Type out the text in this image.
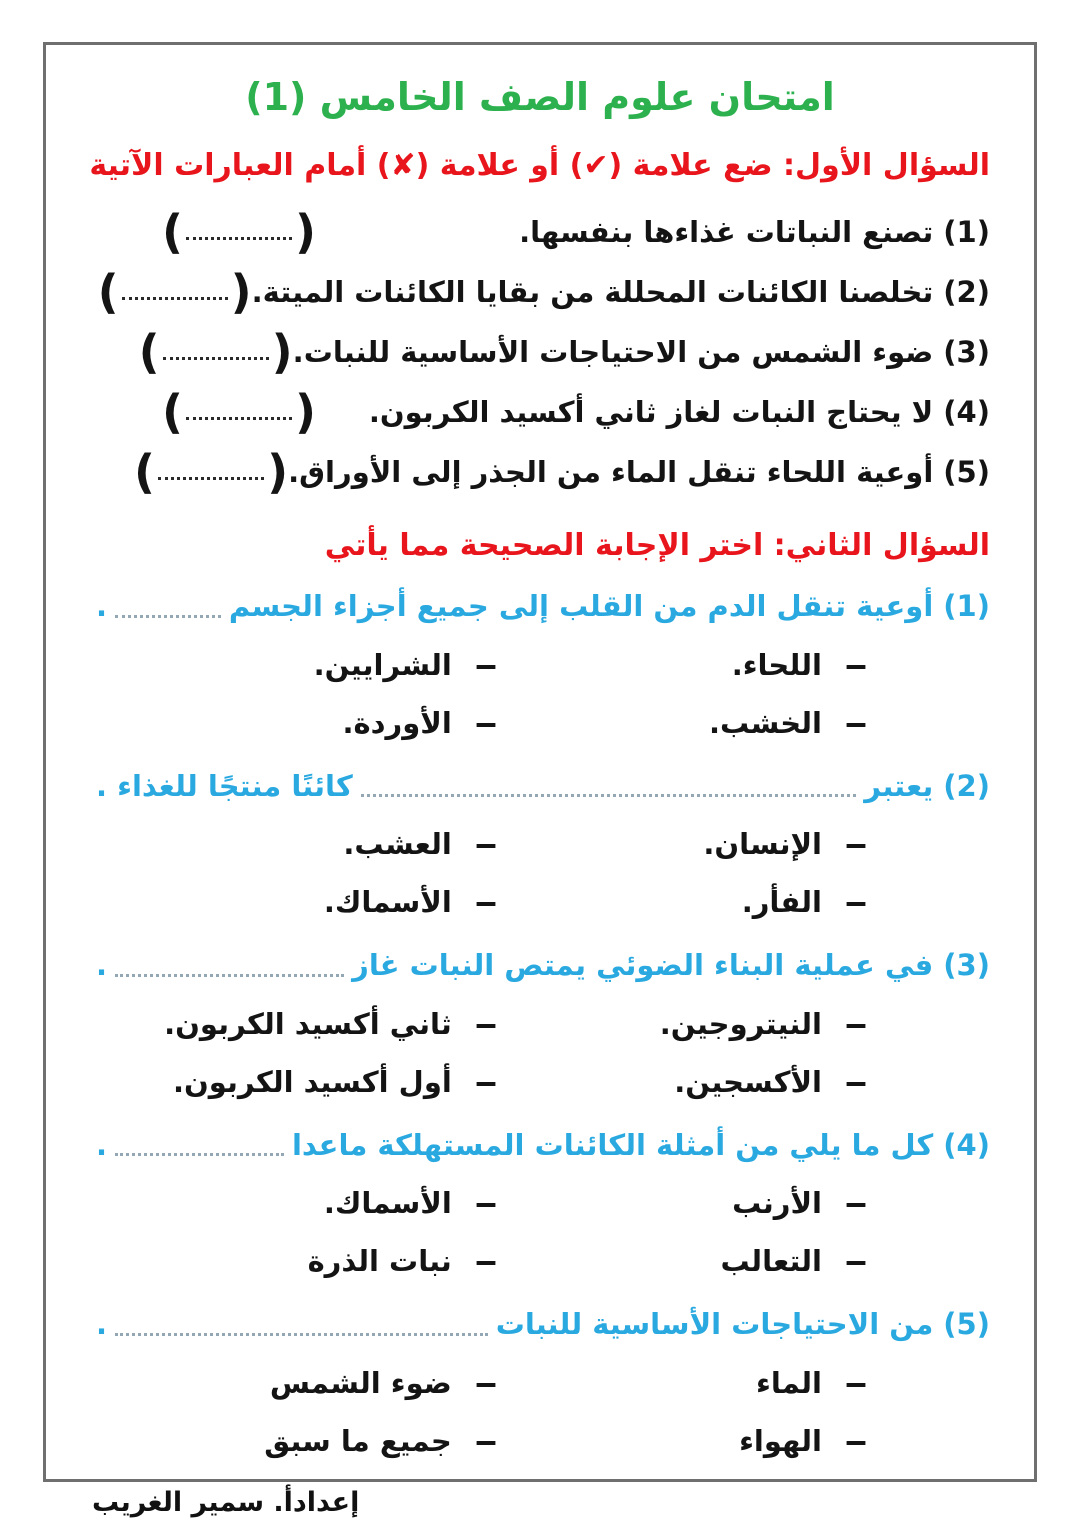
امتحان علوم الصف الخامس (1)
السؤال الأول: ضع علامة (✔) أو علامة (✘) أمام العبارات الآتية
(1)
تصنع النباتات غذاءها بنفسها.
( )
(2)
تخلصنا الكائنات المحللة من بقايا الكائنات الميتة.
( )
(3)
ضوء الشمس من الاحتياجات الأساسية للنبات.
( )
(4)
لا يحتاج النبات لغاز ثاني أكسيد الكربون.
( )
(5)
أوعية اللحاء تنقل الماء من الجذر إلى الأوراق.
( )
السؤال الثاني: اختر الإجابة الصحيحة مما يأتي
(1)
أوعية تنقل الدم من القلب إلى جميع أجزاء الجسم
.
–
اللحاء.
–
الشرايين.
–
الخشب.
–
الأوردة.
(2)
يعتبر
كائنًا منتجًا للغذاء .
–
الإنسان.
–
العشب.
–
الفأر.
–
الأسماك.
(3)
في عملية البناء الضوئي يمتص النبات غاز
.
–
النيتروجين.
–
ثاني أكسيد الكربون.
–
الأكسجين.
–
أول أكسيد الكربون.
(4)
كل ما يلي من أمثلة الكائنات المستهلكة ماعدا
.
–
الأرنب
–
الأسماك.
–
التعالب
–
نبات الذرة
(5)
من الاحتياجات الأساسية للنبات
.
–
الماء
–
ضوء الشمس
–
الهواء
–
جميع ما سبق
إعدادأ. سمير الغريب
